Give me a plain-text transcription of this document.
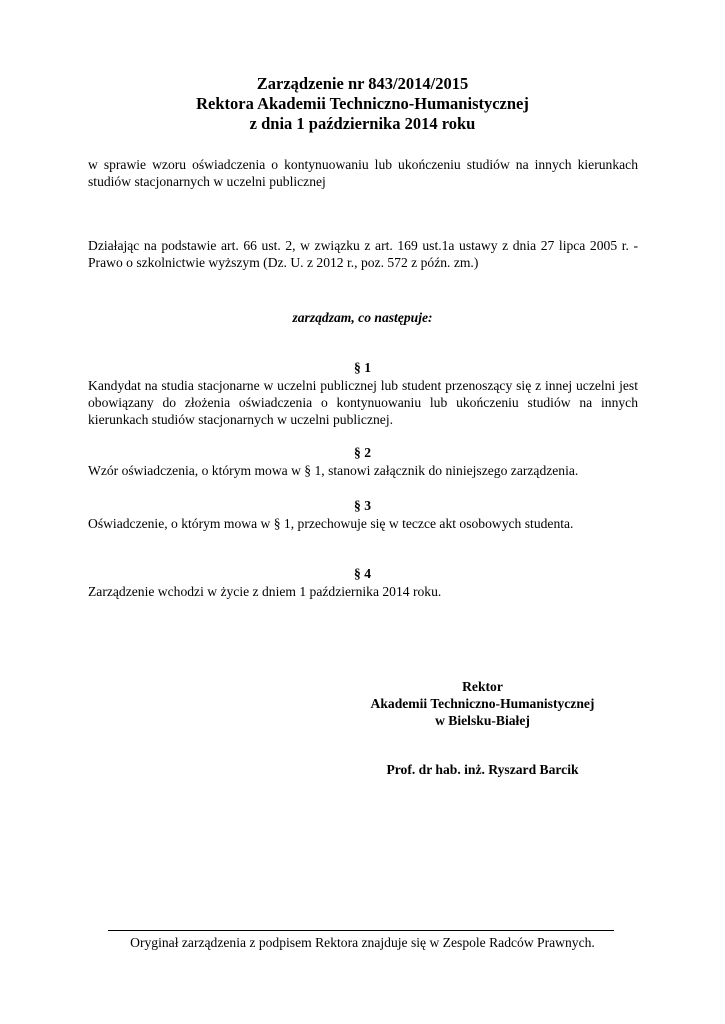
Zarządzenie nr 843/2014/2015
Rektora Akademii Techniczno-Humanistycznej
z dnia 1 października 2014 roku
w sprawie wzoru oświadczenia o kontynuowaniu lub ukończeniu studiów na innych kierunkach studiów stacjonarnych w uczelni publicznej
Działając na podstawie art. 66 ust. 2, w związku z art. 169 ust.1a ustawy z dnia 27 lipca 2005 r. - Prawo o szkolnictwie wyższym (Dz. U. z 2012 r., poz. 572 z późn. zm.)
zarządzam, co następuje:
§ 1
Kandydat na studia stacjonarne w uczelni publicznej lub student przenoszący się z innej uczelni jest obowiązany do złożenia oświadczenia o kontynuowaniu lub ukończeniu studiów na innych kierunkach studiów stacjonarnych w uczelni publicznej.
§ 2
Wzór oświadczenia, o którym mowa w § 1, stanowi załącznik do niniejszego zarządzenia.
§ 3
Oświadczenie, o którym mowa w § 1, przechowuje się w teczce akt osobowych studenta.
§ 4
Zarządzenie wchodzi w życie z dniem 1 października 2014 roku.
Rektor
Akademii Techniczno-Humanistycznej
w Bielsku-Białej
Prof. dr hab. inż. Ryszard Barcik
Oryginał zarządzenia z podpisem Rektora znajduje się w Zespole Radców Prawnych.
